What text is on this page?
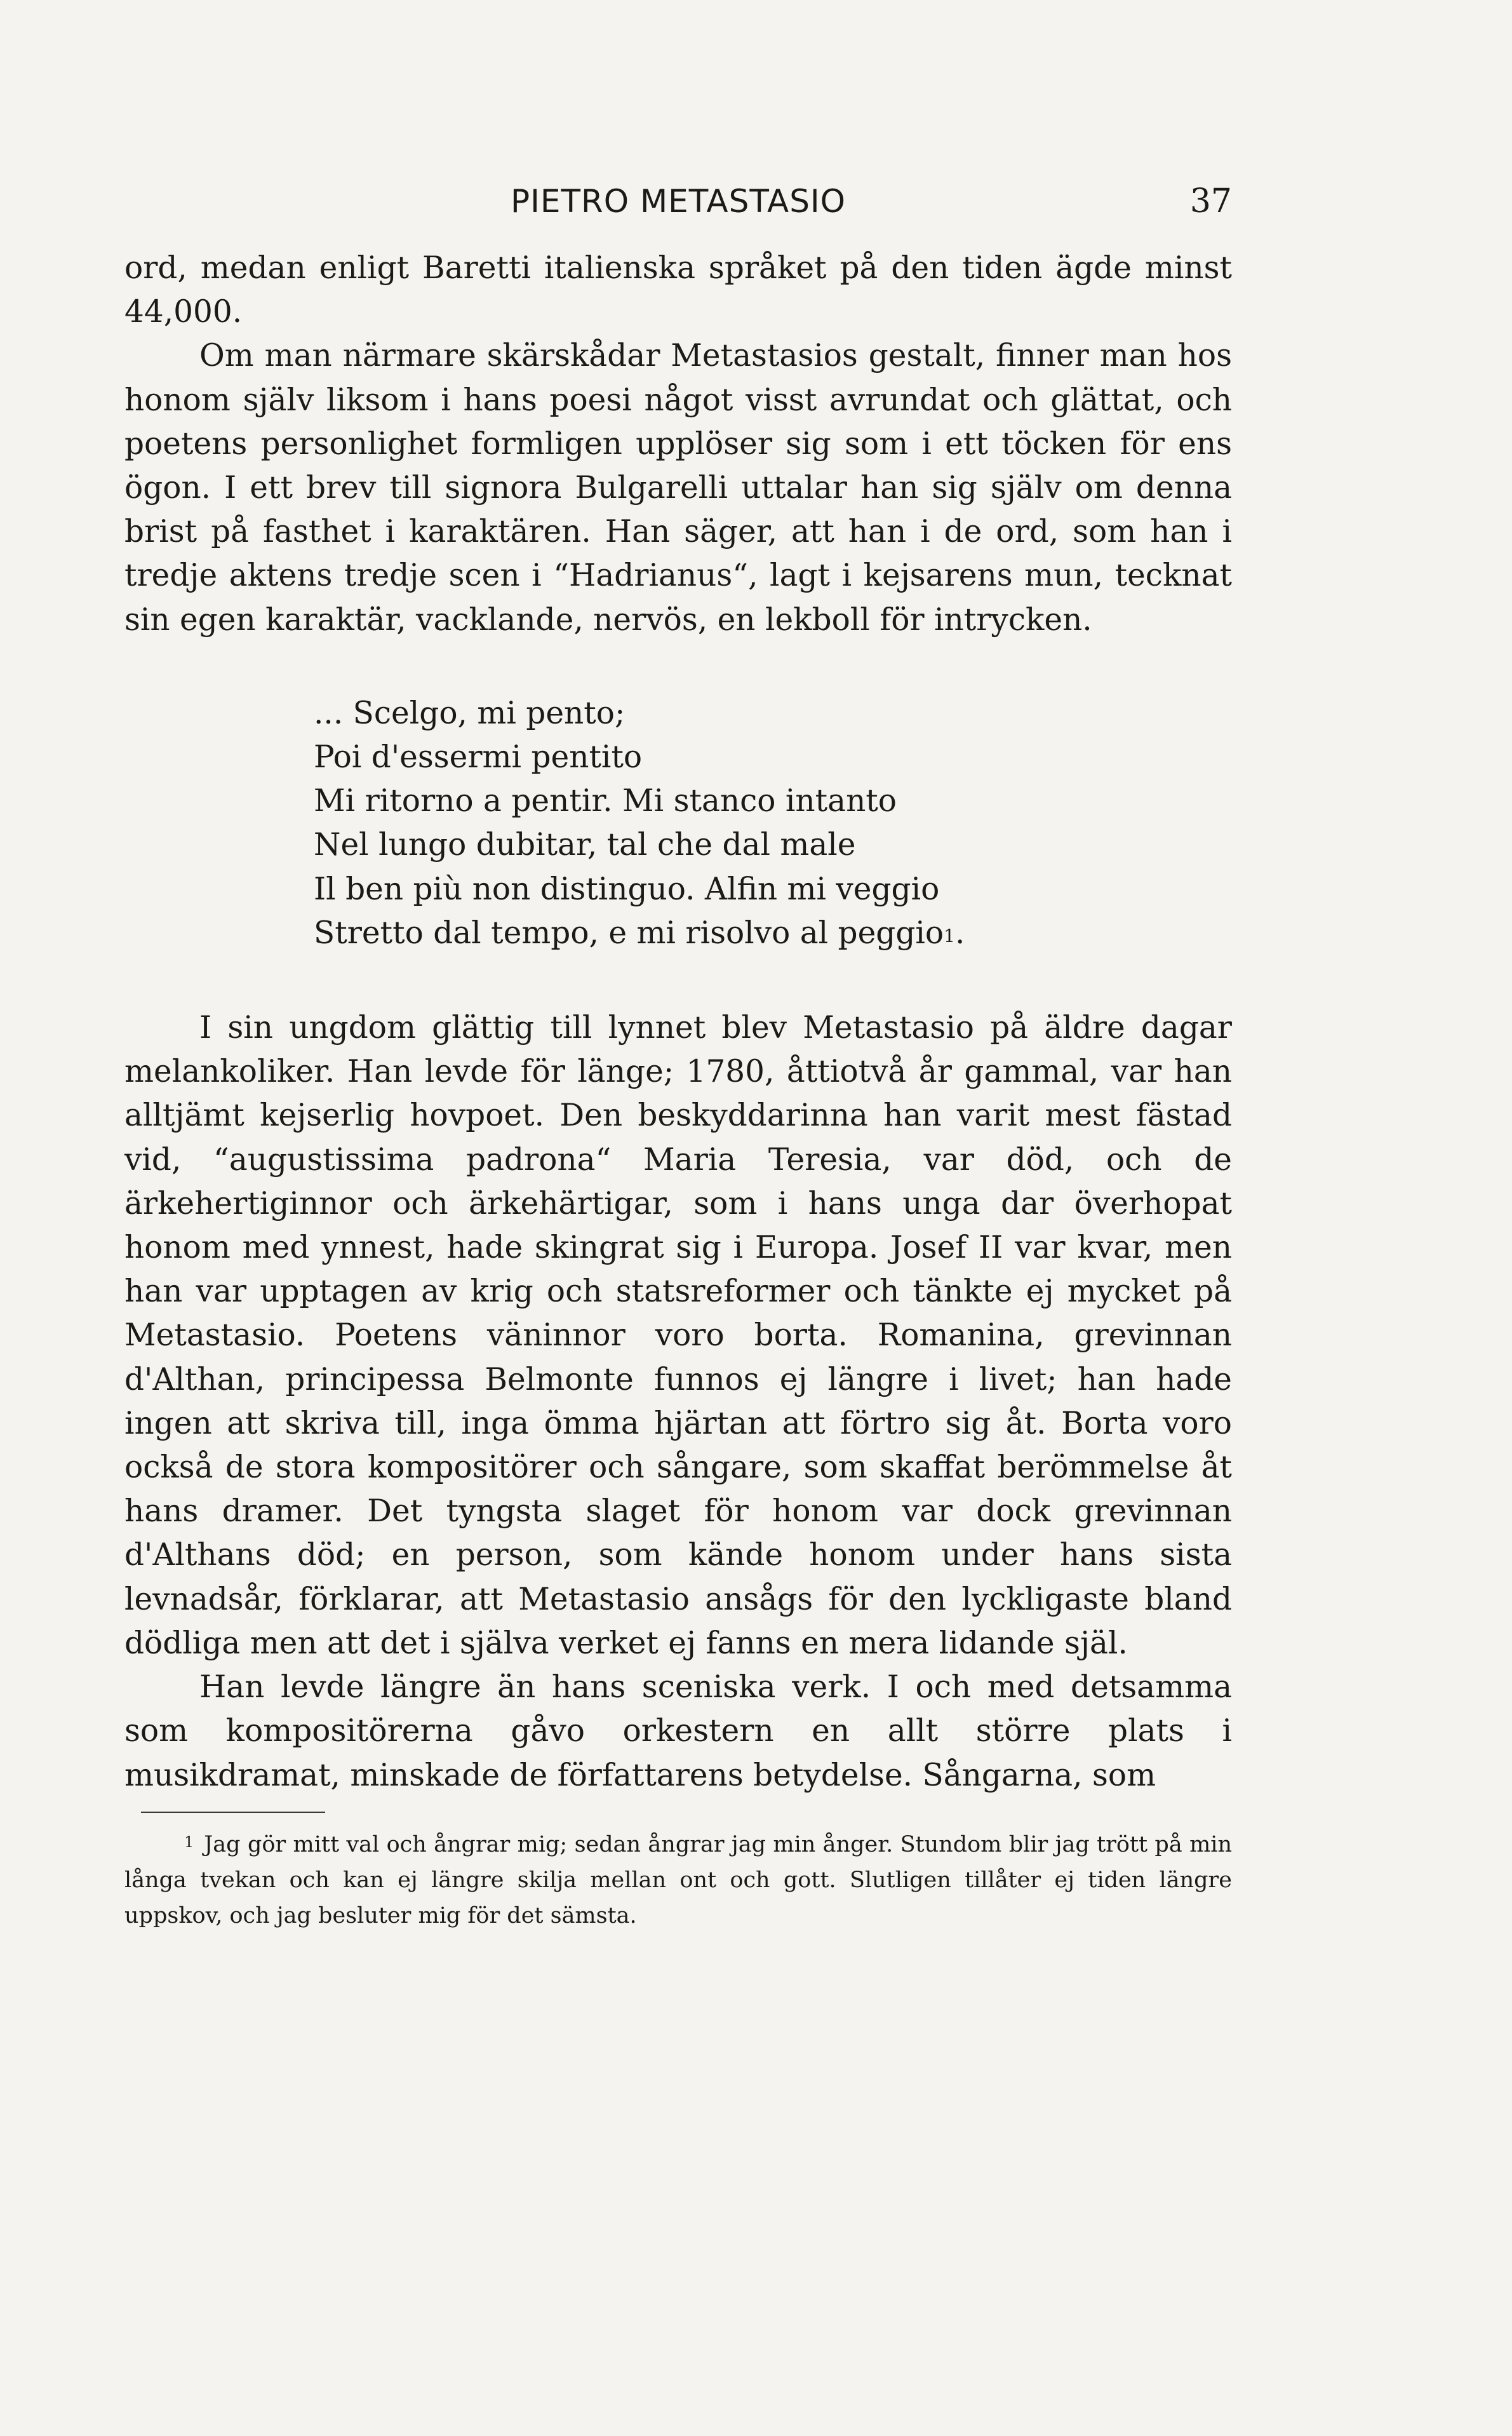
PIETRO METASTASIO	37

ord, medan enligt Baretti italienska språket på den tiden ägde minst 44,000.

Om man närmare skärskådar Metastasios gestalt, finner man hos honom själv liksom i hans poesi något visst avrundat och glättat, och poetens personlighet formligen upplöser sig som i ett töcken för ens ögon. I ett brev till signora Bulgarelli uttalar han sig själv om denna brist på fasthet i karaktären. Han säger, att han i de ord, som han i tredje aktens tredje scen i “Hadrianus“, lagt i kejsarens mun, tecknat sin egen karaktär, vacklande, nervös, en lekboll för intrycken.

... Scelgo, mi pento;
Poi d'essermi pentito
Mi ritorno a pentir. Mi stanco intanto
Nel lungo dubitar, tal che dal male
Il ben più non distinguo. Alfin mi veggio
Stretto dal tempo, e mi risolvo al peggio$^1$.

I sin ungdom glättig till lynnet blev Metastasio på äldre dagar melankoliker. Han levde för länge; 1780, åttiotvå år gammal, var han alltjämt kejserlig hovpoet. Den beskyddarinna han varit mest fästad vid, “augustissima padrona“ Maria Teresia, var död, och de ärkehertiginnor och ärkehärtigar, som i hans unga dar överhopat honom med ynnest, hade skingrat sig i Europa. Josef II var kvar, men han var upptagen av krig och statsreformer och tänkte ej mycket på Metastasio. Poetens väninnor voro borta. Romanina, grevinnan d'Althan, principessa Belmonte funnos ej längre i livet; han hade ingen att skriva till, inga ömma hjärtan att förtro sig åt. Borta voro också de stora kompositörer och sångare, som skaffat berömmelse åt hans dramer. Det tyngsta slaget för honom var dock grevinnan d'Althans död; en person, som kände honom under hans sista levnadsår, förklarar, att Metastasio ansågs för den lyckligaste bland dödliga men att det i själva verket ej fanns en mera lidande själ.

Han levde längre än hans sceniska verk. I och med detsamma som kompositörerna gåvo orkestern en allt större plats i musikdramat, minskade de författarens betydelse. Sångarna, som

$^1$ Jag gör mitt val och ångrar mig; sedan ångrar jag min ånger. Stundom blir jag trött på min långa tvekan och kan ej längre skilja mellan ont och gott. Slutligen tillåter ej tiden längre uppskov, och jag besluter mig för det sämsta.
